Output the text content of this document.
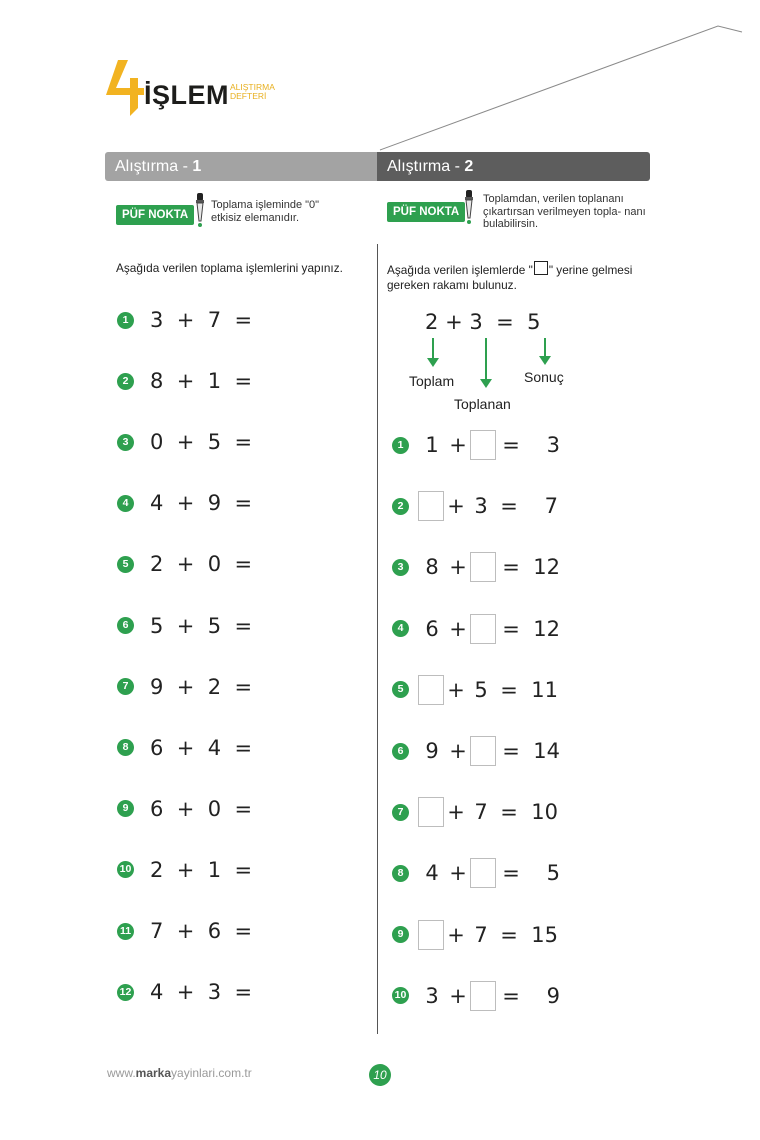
İŞLEM ALIŞTIRMA
DEFTERİ
Alıştırma - 1	Alıştırma - 2
PÜF NOKTA
Toplama işleminde "0" etkisiz elemanıdır.	PÜF NOKTA
Toplamdan, verilen toplananı çıkartırsan verilmeyen topla- nanı bulabilirsin.
Aşağıda verilen toplama işlemlerini yapınız.	Aşağıda verilen işlemlerde " " yerine gelmesi gereken rakamı bulunuz.
1 3 + 7 =
2 8 + 1 =
3 0 + 5 =
4 4 + 9 =
5 2 + 0 =
6 5 + 5 =
7 9 + 2 =
8 6 + 4 =
9 6 + 0 =
10 2 + 1 =
11 7 + 6 =
12 4 + 3 =
2 + 3 = 5
Toplam
Toplanan
Sonuç
1	1 + =	3
2 + 3 =	7
3	8 + = 12
4	6 + = 12
5 + 5 = 11
6	9 + = 14
7 + 7 = 10
8	4 + =	5
9 + 7 = 15
10 3 + =	9
www.markayayinlari.com.tr	10
